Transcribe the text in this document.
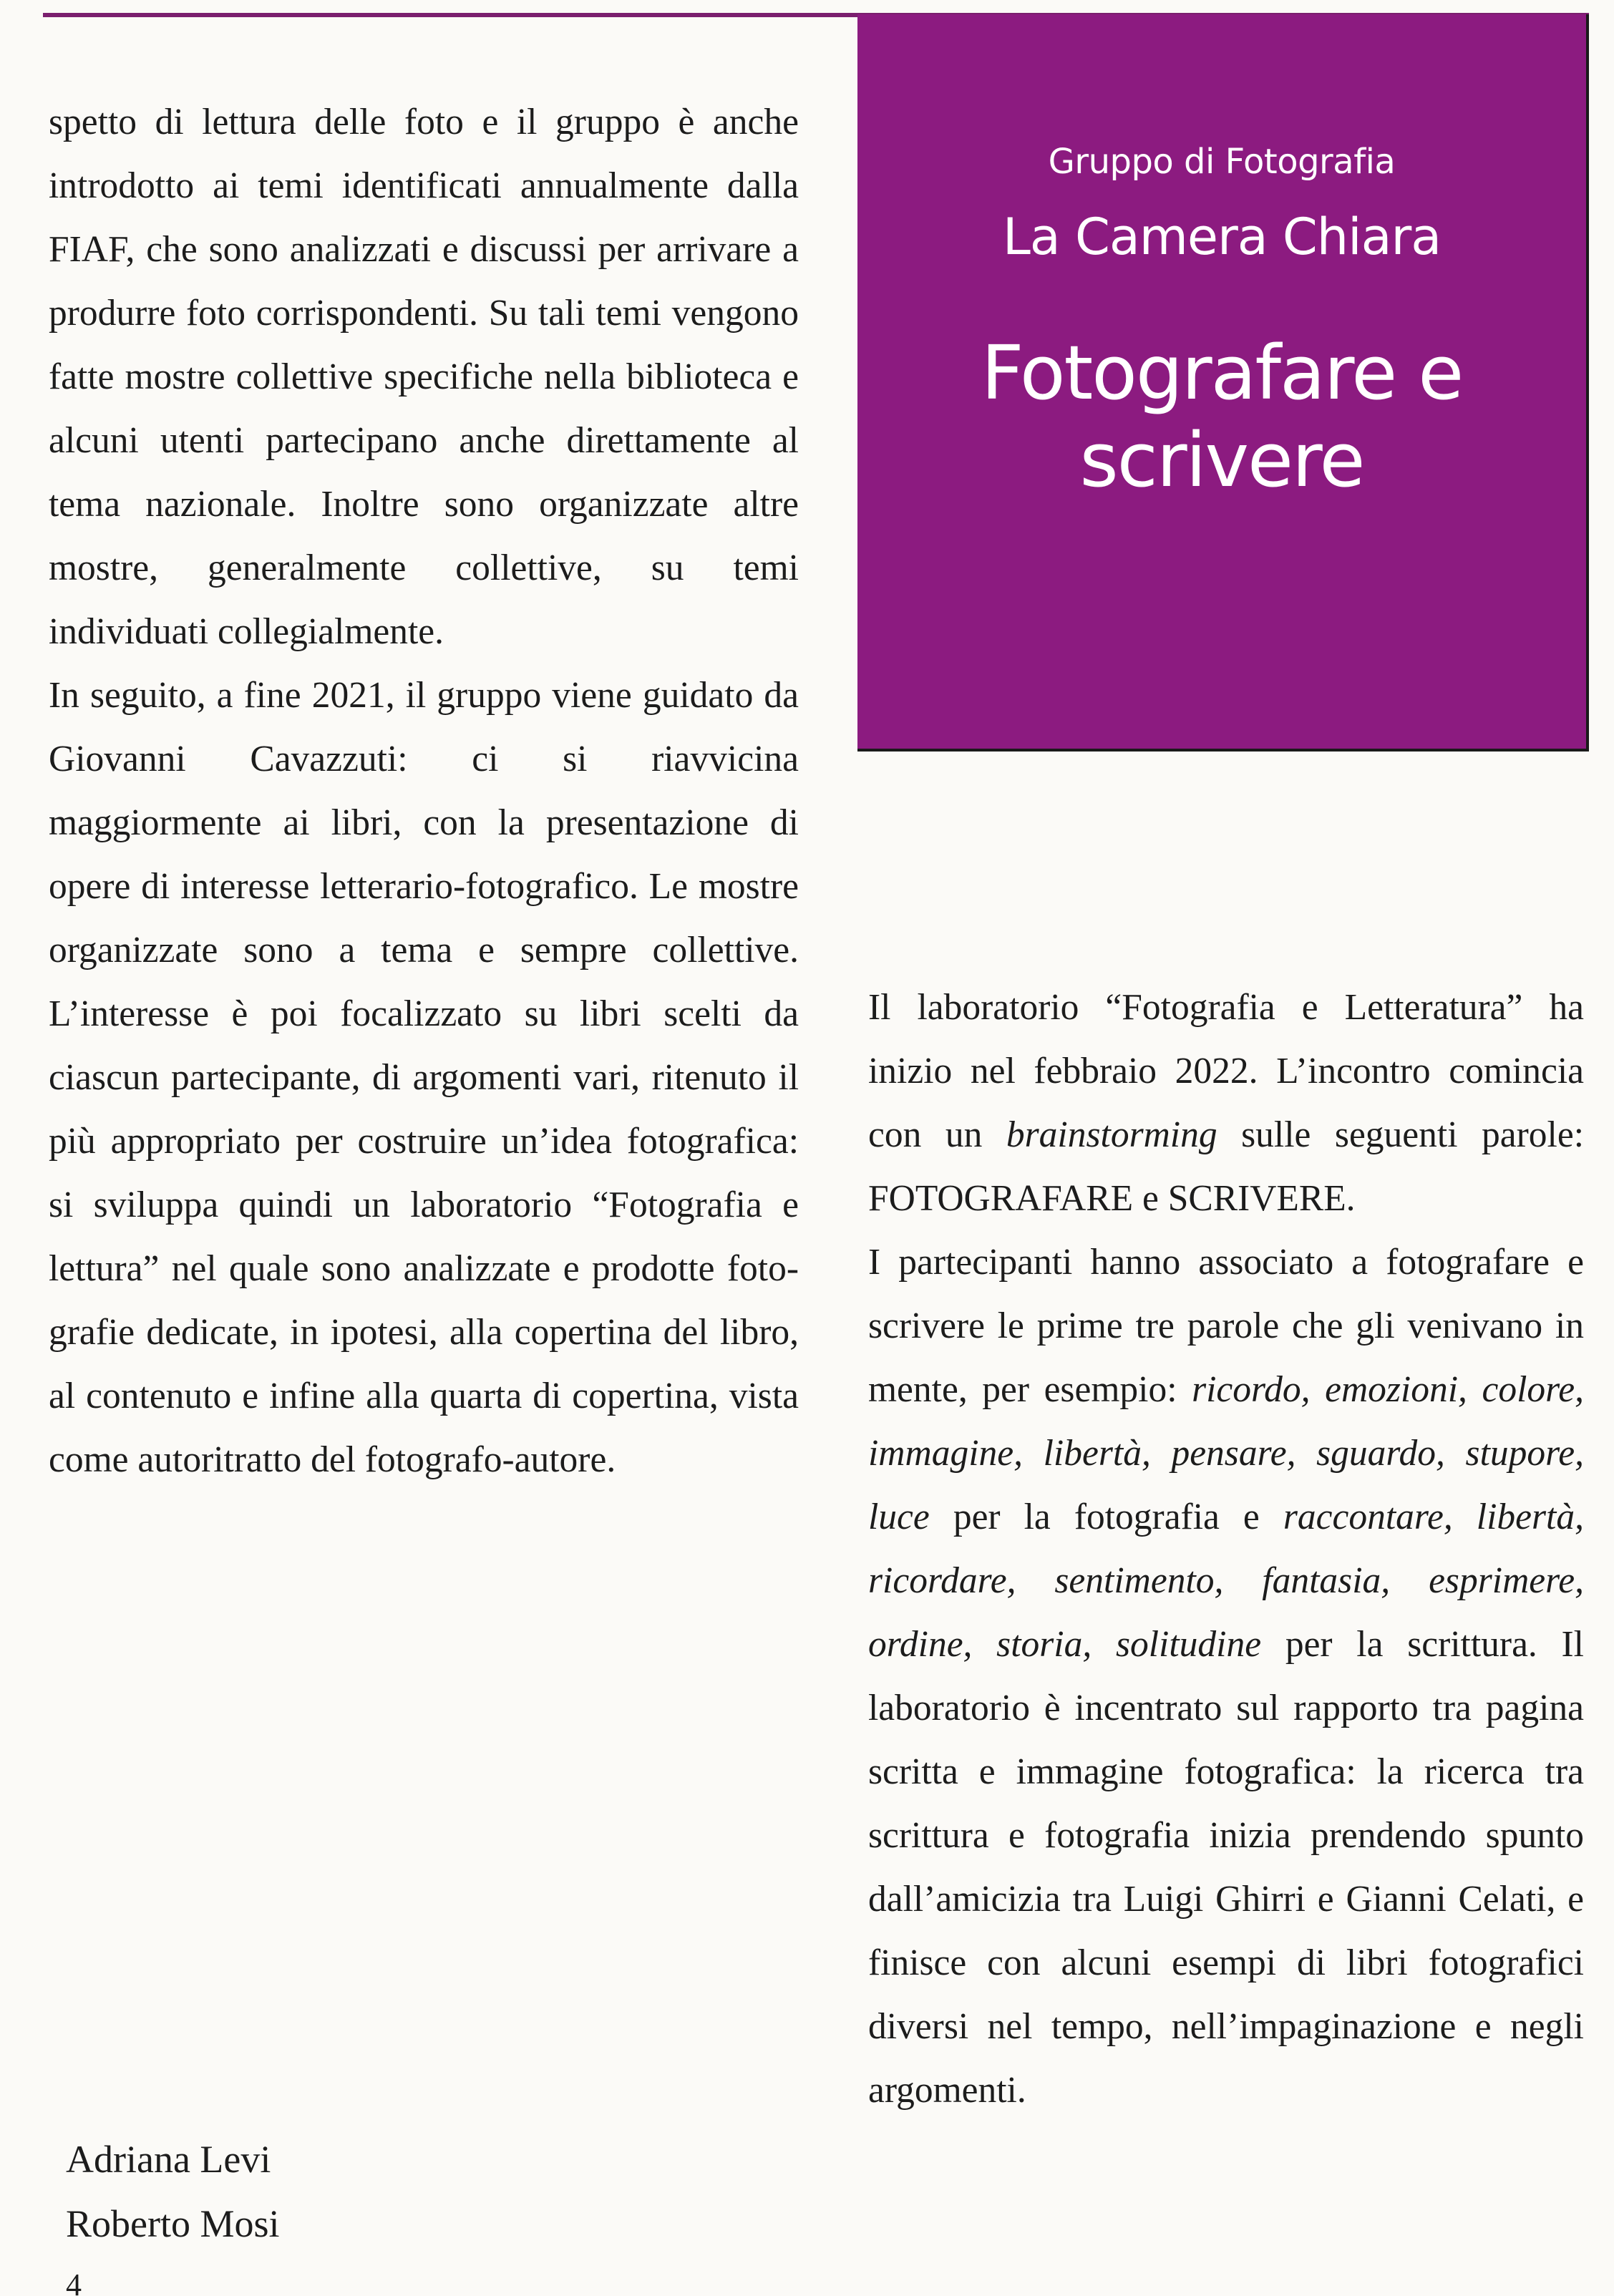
spetto di lettura delle foto e il gruppo è anche introdotto ai temi identificati annualmente dalla FIAF, che sono analizzati e discussi per arrivare a produrre foto corrispondenti. Su tali temi vengono fatte mostre collettive specifiche nella biblioteca e alcuni utenti partecipano anche direttamente al tema nazionale. Inoltre sono organizzate altre mostre, generalmente collettive, su temi individuati collegialmente.

In seguito, a fine 2021, il gruppo viene guidato da Giovanni Cavazzuti: ci si riavvicina maggiormente ai libri, con la presentazione di opere di interesse letterario-fotografico. Le mostre organizzate sono a tema e sempre collettive. L’interesse è poi focalizzato su libri scelti da ciascun partecipante, di argomenti vari, ritenuto il più appropriato per costruire un’idea fotografica: si sviluppa quindi un laboratorio “Fotografia e lettura” nel quale sono analizzate e prodotte fotografie dedicate, in ipotesi, alla copertina del libro, al contenuto e infine alla quarta di copertina, vista come autoritratto del fotografo-autore.

Gruppo di Fotografia
La Camera Chiara
Fotografare e scrivere

Il laboratorio “Fotografia e Letteratura” ha inizio nel febbraio 2022. L’incontro comincia con un brainstorming sulle seguenti parole: FOTOGRAFARE e SCRIVERE.

I partecipanti hanno associato a fotografare e scrivere le prime tre parole che gli venivano in mente, per esempio: ricordo, emozioni, colore, immagine, libertà, pensare, sguardo, stupore, luce per la fotografia e raccontare, libertà, ricordare, sentimento, fantasia, esprimere, ordine, storia, solitudine per la scrittura. Il laboratorio è incentrato sul rapporto tra pagina scritta e immagine fotografica: la ricerca tra scrittura e fotografia inizia prendendo spunto dall’amicizia tra Luigi Ghirri e Gianni Celati, e finisce con alcuni esempi di libri fotografici diversi nel tempo, nell’impaginazione e negli argomenti.

Adriana Levi
Roberto Mosi
4
